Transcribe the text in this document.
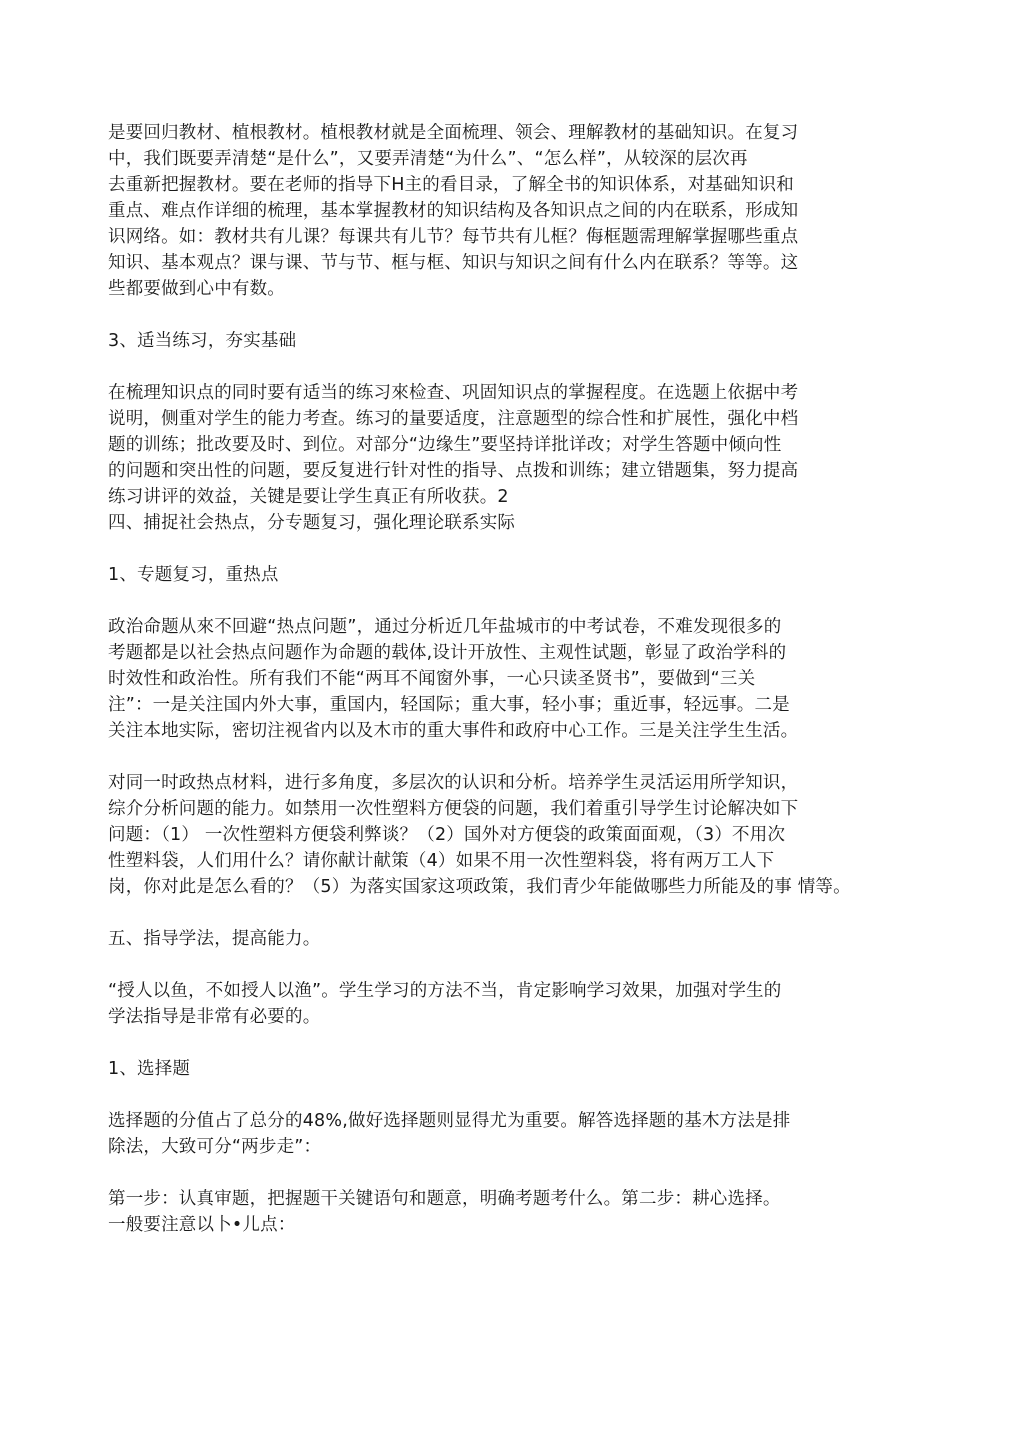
是要回归教材、植根教材。植根教材就是全面梳理、领会、理解教材的基础知识。在复习
中，我们既要弄清楚“是什么”，又要弄清楚“为什么”、“怎么样”，从较深的层次再
去重新把握教材。要在老师的指导下H主的看目录，了解全书的知识体系，对基础知识和
重点、难点作详细的梳理，基本掌握教材的知识结构及各知识点之间的内在联系，形成知
识网络。如：教材共有儿课？每课共有儿节？每节共有儿框？侮框题需理解掌握哪些重点
知识、基本观点？课与课、节与节、框与框、知识与知识之间有什么内在联系？等等。这
些都要做到心中有数。

3、适当练习，夯实基础

在梳理知识点的同时要有适当的练习來检查、巩固知识点的掌握程度。在选题上依据中考
说明，侧重对学生的能力考查。练习的量要适度，注意题型的综合性和扩展性，强化中档
题的训练；批改要及时、到位。对部分“边缘生”要坚持详批详改；对学生答题中倾向性
的问题和突出性的问题，要反复进行针对性的指导、点拨和训练；建立错题集，努力提高
练习讲评的效益，关键是要让学生真正有所收获。2
四、捕捉社会热点，分专题复习，强化理论联系实际

1、专题复习，重热点

政治命题从來不回避“热点问题”，通过分析近几年盐城市的中考试卷，不难发现很多的
考题都是以社会热点问题作为命题的载体,设计开放性、主观性试题，彰显了政治学科的
时效性和政治性。所有我们不能“两耳不闻窗外事，一心只读圣贤书”，要做到“三关
注”：一是关注国内外大事，重国内，轻国际；重大事，轻小事；重近事，轻远事。二是
关注本地实际，密切注视省内以及木市的重大事件和政府中心工作。三是关注学生生活。

对同一时政热点材料，进行多角度，多层次的认识和分析。培养学生灵活运用所学知识，
综介分析问题的能力。如禁用一次性塑料方便袋的问题，我们着重引导学生讨论解决如下
问题：（1） 一次性塑料方便袋利弊谈？（2）国外对方便袋的政策面面观，（3）不用次
性塑料袋，人们用什么？请你献计献策（4）如果不用一次性塑料袋，将有两万工人下
岗，你对此是怎么看的？（5）为落实国家这项政策，我们青少年能做哪些力所能及的事 情等。

五、指导学法，提高能力。

“授人以鱼，不如授人以渔”。学生学习的方法不当，肯定影响学习效果，加强对学生的
学法指导是非常有必要的。

1、选择题

选择题的分值占了总分的48%,做好选择题则显得尤为重要。解答选择题的基木方法是排
除法，大致可分“两步走”：

第一步：认真审题，把握题干关键语句和题意，明确考题考什么。第二步：耕心选择。
一般要注意以卜•儿点：
